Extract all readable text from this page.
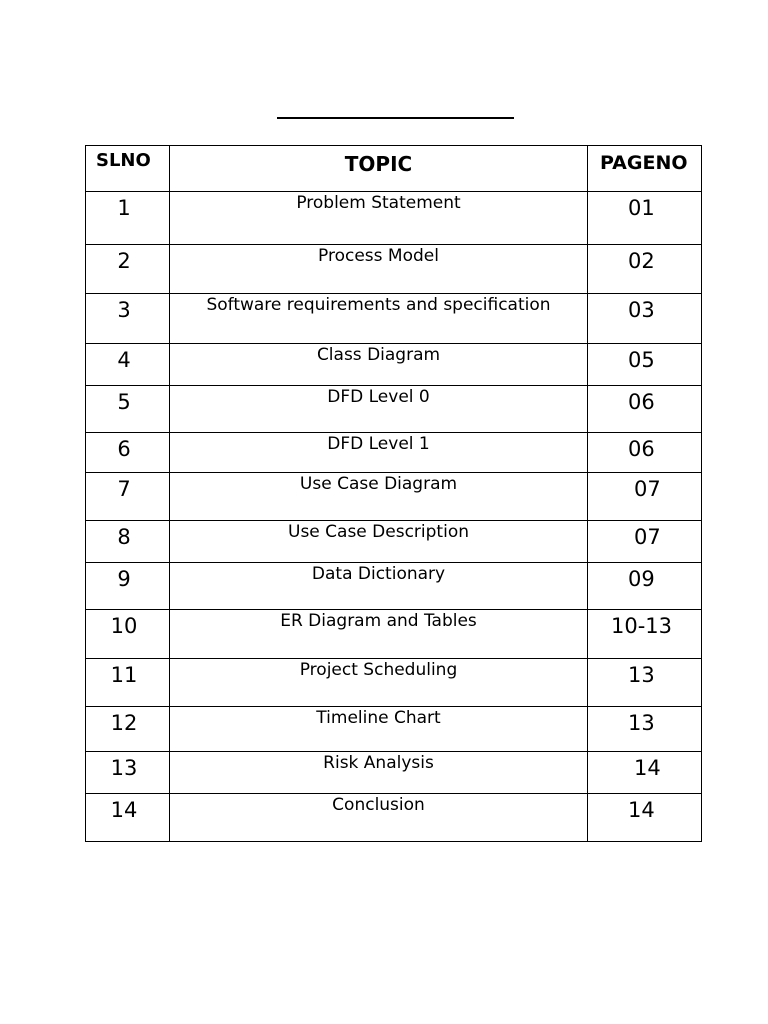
SLNO	TOPIC	PAGENO

1	Problem Statement	01

2	Process Model	02

3	Software requirements and specification	03

4	Class Diagram	05

5	DFD Level 0	06

6	DFD Level 1	06

7	Use Case Diagram	07

8	Use Case Description	07

9	Data Dictionary	09

10	ER Diagram and Tables	10-13

11	Project Scheduling	13

12	Timeline Chart	13

13	Risk Analysis	14

14	Conclusion	14
